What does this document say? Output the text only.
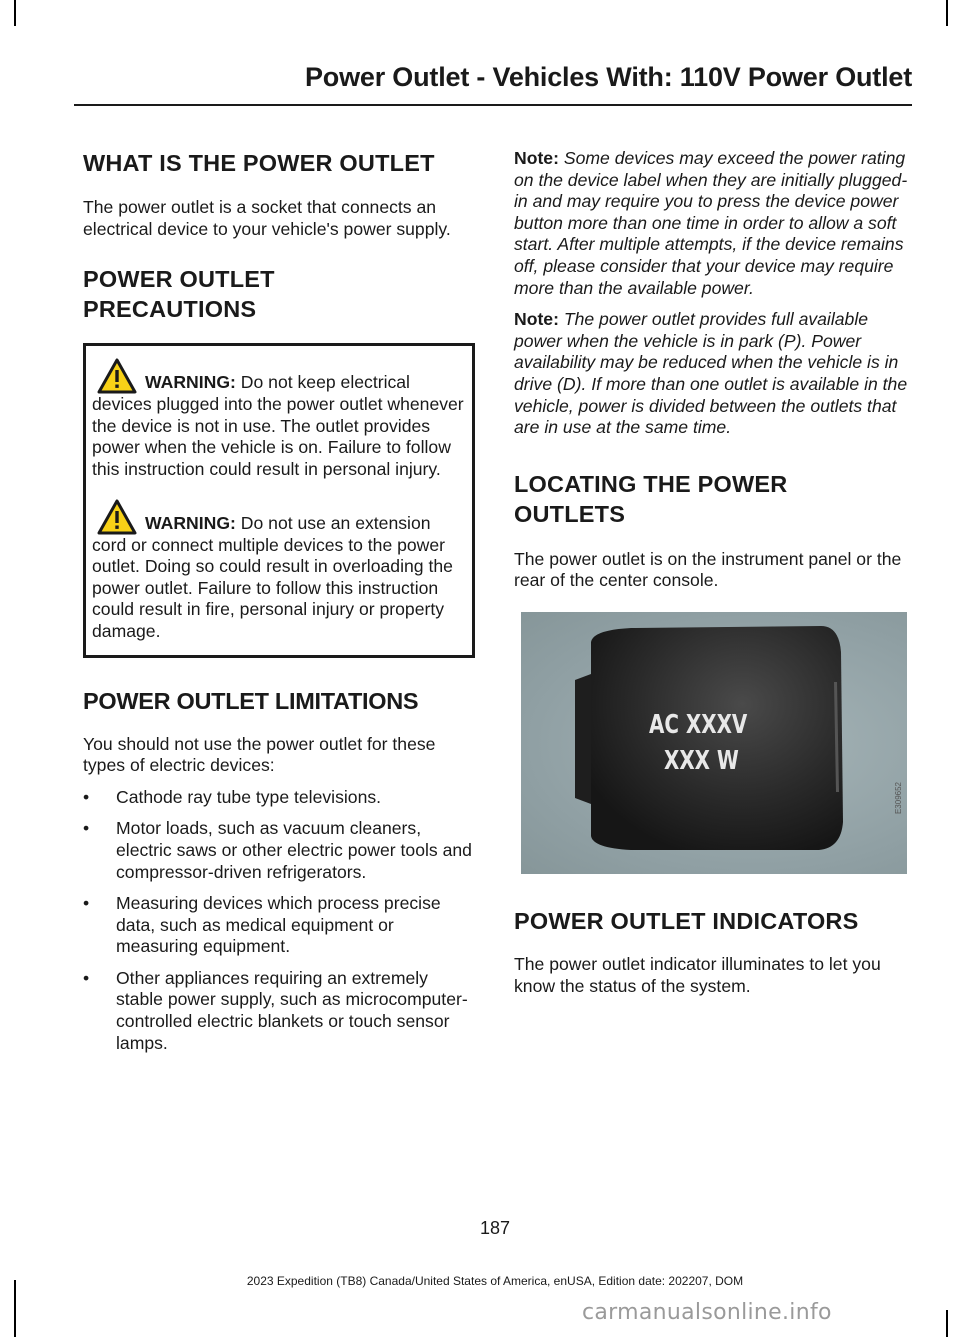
Power Outlet - Vehicles With: 110V Power Outlet
WHAT IS THE POWER OUTLET

The power outlet is a socket that connects an electrical device to your vehicle's power supply.

POWER OUTLET
PRECAUTIONS

WARNING: Do not keep electrical devices plugged into the power outlet whenever the device is not in use. The outlet provides power when the vehicle is on. Failure to follow this instruction could result in personal injury.

WARNING: Do not use an extension cord or connect multiple devices to the power outlet. Doing so could result in overloading the power outlet. Failure to follow this instruction could result in fire, personal injury or property damage.

POWER OUTLET LIMITATIONS

You should not use the power outlet for these types of electric devices:

• Cathode ray tube type televisions.
• Motor loads, such as vacuum cleaners, electric saws or other electric power tools and compressor-driven refrigerators.
• Measuring devices which process precise data, such as medical equipment or measuring equipment.
• Other appliances requiring an extremely stable power supply, such as microcomputer-controlled electric blankets or touch sensor lamps.

Note: Some devices may exceed the power rating on the device label when they are initially plugged-in and may require you to press the device power button more than one time in order to allow a soft start. After multiple attempts, if the device remains off, please consider that your device may require more than the available power.

Note: The power outlet provides full available power when the vehicle is in park (P). Power availability may be reduced when the vehicle is in drive (D). If more than one outlet is available in the vehicle, power is divided between the outlets that are in use at the same time.

LOCATING THE POWER
OUTLETS

The power outlet is on the instrument panel or the rear of the center console.

AC XXXV
XXX W
E309652
POWER OUTLET INDICATORS

The power outlet indicator illuminates to let you know the status of the system.

187
2023 Expedition (TB8) Canada/United States of America, enUSA, Edition date: 202207, DOM
carmanualsonline.info
